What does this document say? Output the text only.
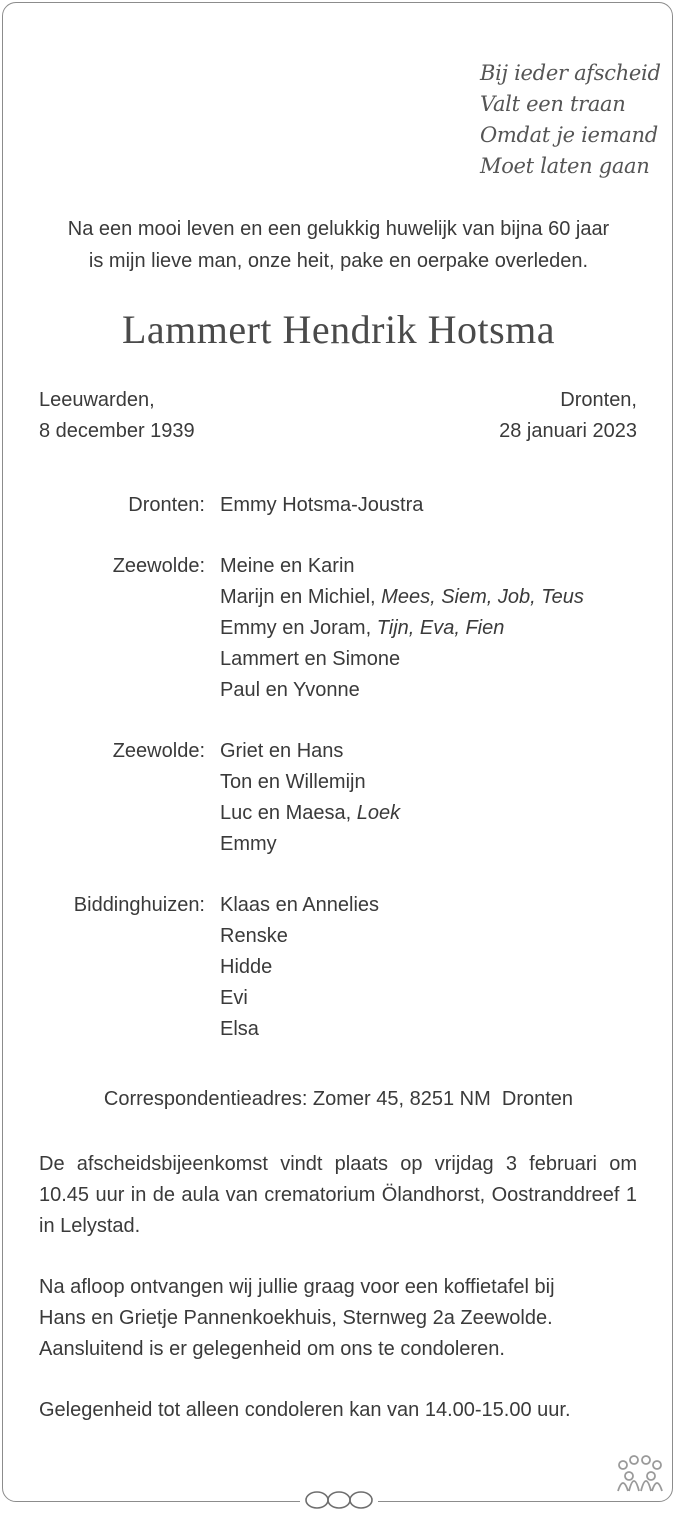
Bij ieder afscheid
Valt een traan
Omdat je iemand
Moet laten gaan
Na een mooi leven en een gelukkig huwelijk van bijna 60 jaar
is mijn lieve man, onze heit, pake en oerpake overleden.
Lammert Hendrik Hotsma
Leeuwarden,
8 december 1939
Dronten,
28 januari 2023
Dronten: Emmy Hotsma-Joustra
Zeewolde: Meine en Karin
Marijn en Michiel, Mees, Siem, Job, Teus
Emmy en Joram, Tijn, Eva, Fien
Lammert en Simone
Paul en Yvonne
Zeewolde: Griet en Hans
Ton en Willemijn
Luc en Maesa, Loek
Emmy
Biddinghuizen: Klaas en Annelies
Renske
Hidde
Evi
Elsa
Correspondentieadres: Zomer 45, 8251 NM  Dronten
De afscheidsbijeenkomst vindt plaats op vrijdag 3 februari om 10.45 uur in de aula van crematorium Ölandhorst, Oostranddreef 1 in Lelystad.
Na afloop ontvangen wij jullie graag voor een koffietafel bij
Hans en Grietje Pannenkoekhuis, Sternweg 2a Zeewolde.
Aansluitend is er gelegenheid om ons te condoleren.
Gelegenheid tot alleen condoleren kan van 14.00-15.00 uur.
